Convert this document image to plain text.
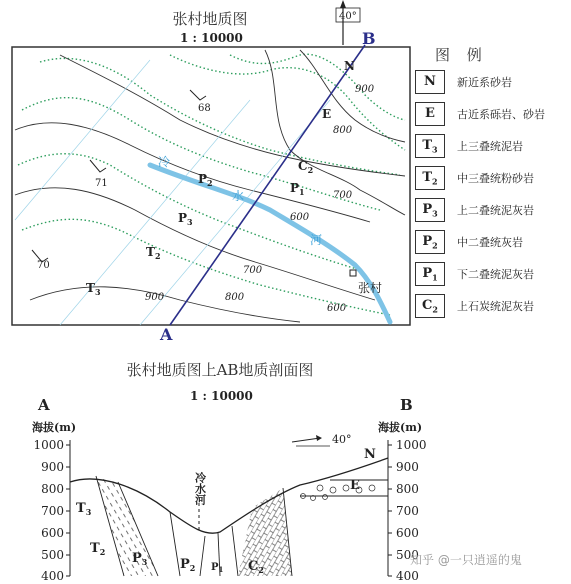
张村地质图
1 : 10000
40°
A
B
冷
水
河
张村
900
800
700
600
900	800
700
600
68
71
70
N
E
$C_2$
$P_2$	$P_1$
$P_3$
$T_2$
$T_3$
图 例
N	新近系砂岩
E	古近系砾岩、砂岩
$T_3$	上三叠统泥岩
$T_2$	中三叠统粉砂岩
$P_3$	上二叠统泥灰岩
$P_2$	中二叠统灰岩
$P_1$	下二叠统泥灰岩
$C_2$	上石炭统泥灰岩
张村地质图上AB地质剖面图
1 : 10000
A	B
海拔(m)	海拔(m)
1000
900
800
700
600
500
400
1000
900
800
700
600
500
400
冷水河
40°
$T_3$
$T_2$ $P_3$	$P_2$ $P_1$ $C_2$
N
E
知乎 @一只逍遥的鬼
